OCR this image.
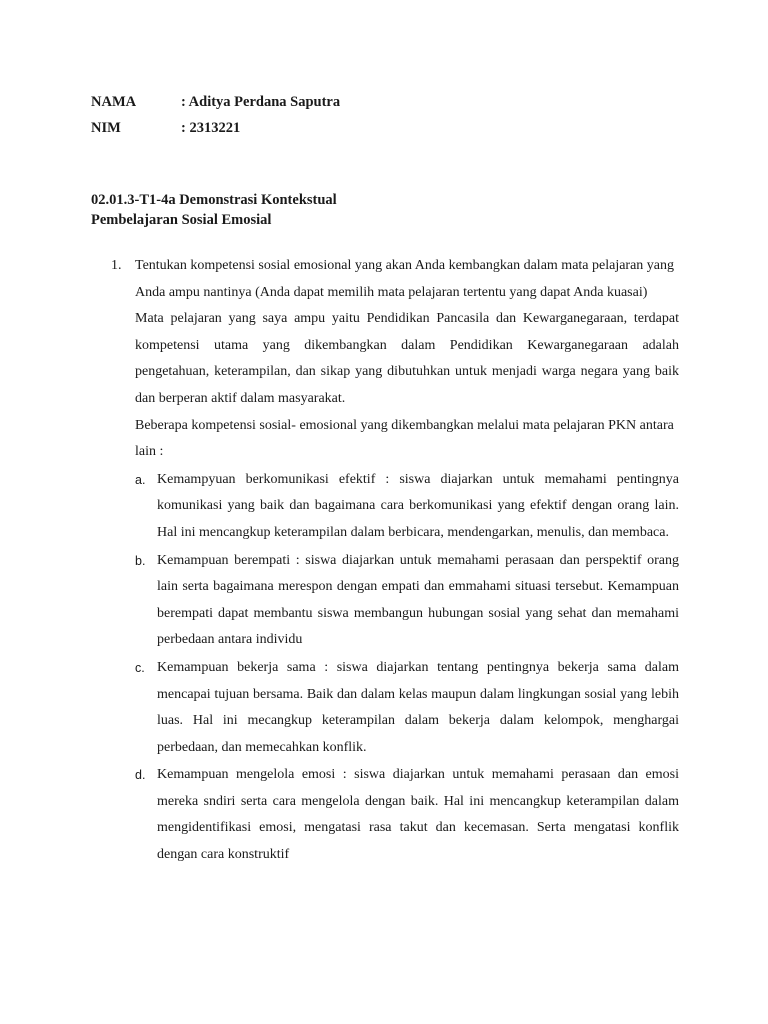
NAMA	: Aditya Perdana Saputra
NIM	: 2313221
02.01.3-T1-4a Demonstrasi Kontekstual
Pembelajaran Sosial Emosial
1. Tentukan kompetensi sosial emosional yang akan Anda kembangkan dalam mata pelajaran yang Anda ampu nantinya (Anda dapat memilih mata pelajaran tertentu yang dapat Anda kuasai)
Mata pelajaran yang saya ampu yaitu Pendidikan Pancasila dan Kewarganegaraan, terdapat kompetensi utama yang dikembangkan dalam Pendidikan Kewarganegaraan adalah pengetahuan, keterampilan, dan sikap yang dibutuhkan untuk menjadi warga negara yang baik dan berperan aktif dalam masyarakat.
Beberapa kompetensi sosial- emosional yang dikembangkan melalui mata pelajaran PKN antara lain :
a. Kemampyuan berkomunikasi efektif : siswa diajarkan untuk memahami pentingnya komunikasi yang baik dan bagaimana cara berkomunikasi yang efektif dengan orang lain. Hal ini mencangkup keterampilan dalam berbicara, mendengarkan, menulis, dan membaca.
b. Kemampuan berempati : siswa diajarkan untuk memahami perasaan dan perspektif orang lain serta bagaimana merespon dengan empati dan emmahami situasi tersebut. Kemampuan berempati dapat membantu siswa membangun hubungan sosial yang sehat dan memahami perbedaan antara individu
c. Kemampuan bekerja sama : siswa diajarkan tentang pentingnya bekerja sama dalam mencapai tujuan bersama. Baik dan dalam kelas maupun dalam lingkungan sosial yang lebih luas. Hal ini mecangkup keterampilan dalam bekerja dalam kelompok, menghargai perbedaan, dan memecahkan konflik.
d. Kemampuan mengelola emosi : siswa diajarkan untuk memahami perasaan dan emosi mereka sndiri serta cara mengelola dengan baik. Hal ini mencangkup keterampilan dalam mengidentifikasi emosi, mengatasi rasa takut dan kecemasan. Serta mengatasi konflik dengan cara konstruktif
